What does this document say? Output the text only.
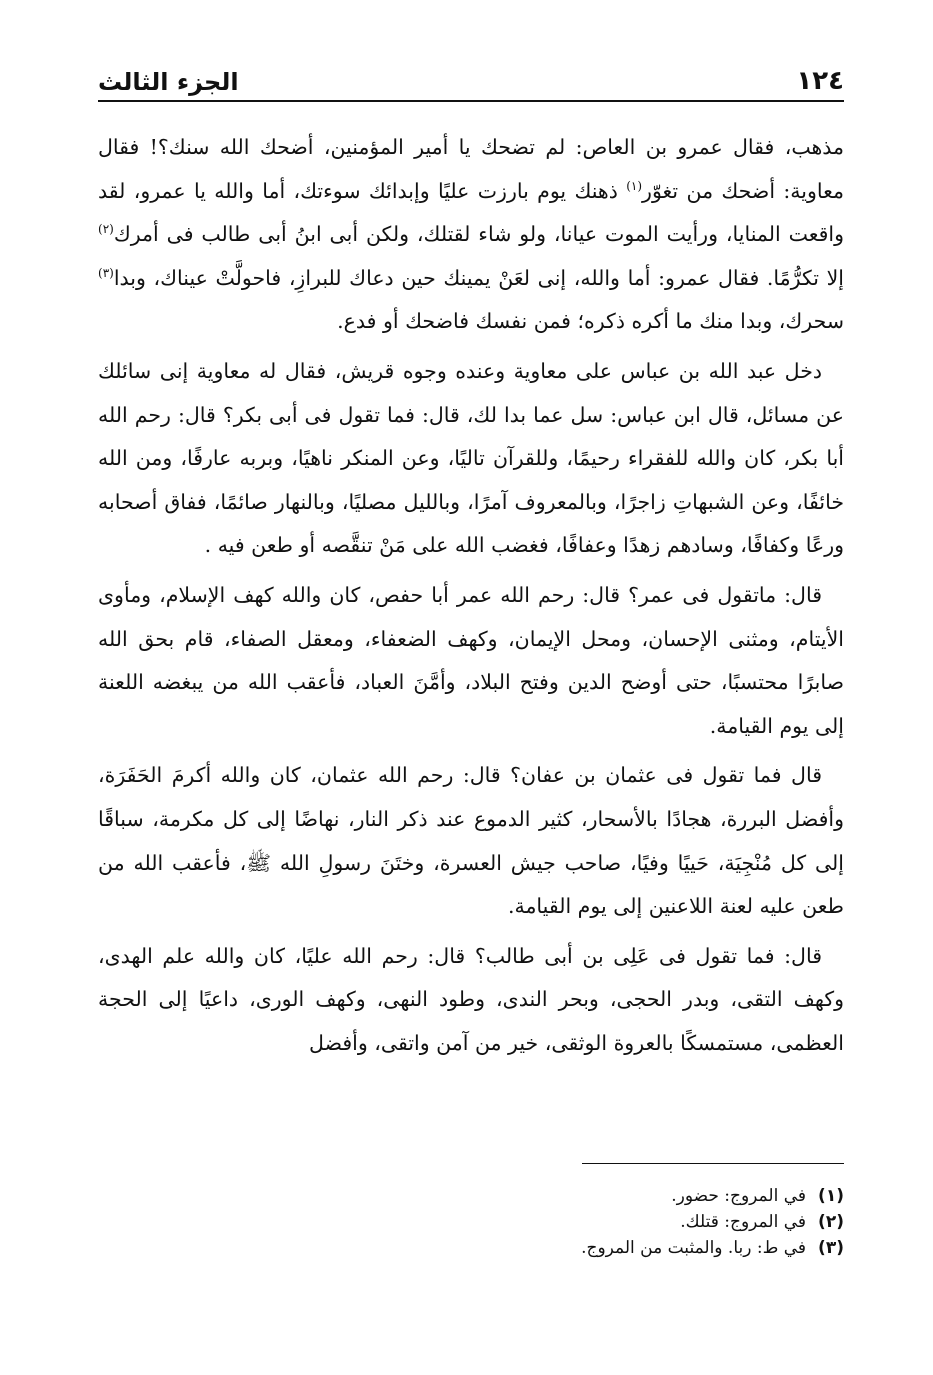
١٢٤
الجزء الثالث

مذهب، فقال عمرو بن العاص: لم تضحك يا أمير المؤمنين، أضحك الله سنك؟! فقال معاوية: أضحك من تغوّر$^{(١)}$ ذهنك يوم بارزت عليًا وإبدائك سوءتك، أما والله يا عمرو، لقد واقعت المنايا، ورأيت الموت عيانا، ولو شاء لقتلك، ولكن أبى ابنُ أبى طالب فى أمرك$^{(٢)}$ إلا تكرُّمًا. فقال عمرو: أما والله، إنى لعَنْ يمينك حين دعاك للبرازِ، فاحولَّتْ عيناك، وبدا$^{(٣)}$ سحرك، وبدا منك ما أكره ذكره؛ فمن نفسك فاضحك أو فدع.

دخل عبد الله بن عباس على معاوية وعنده وجوه قريش، فقال له معاوية إنى سائلك عن مسائل، قال ابن عباس: سل عما بدا لك، قال: فما تقول فى أبى بكر؟ قال: رحم الله أبا بكر، كان والله للفقراء رحيمًا، وللقرآن تاليًا، وعن المنكر ناهيًا، وبربه عارفًا، ومن الله خائفًا، وعن الشبهاتِ زاجرًا، وبالمعروف آمرًا، وبالليل مصليًا، وبالنهار صائمًا، ففاق أصحابه ورعًا وكفافًا، وسادهم زهدًا وعفافًا، فغضب الله على مَنْ تنقَّصه أو طعن فيه .

قال: ماتقول فى عمر؟ قال: رحم الله عمر أبا حفص، كان والله كهف الإسلام، ومأوى الأيتام، ومثنى الإحسان، ومحل الإيمان، وكهف الضعفاء، ومعقل الصفاء، قام بحق الله صابرًا محتسبًا، حتى أوضح الدين وفتح البلاد، وأمَّنَ العباد، فأعقب الله من يبغضه اللعنة إلى يوم القيامة.

قال فما تقول فى عثمان بن عفان؟ قال: رحم الله عثمان، كان والله أكرمَ الحَفَرَة، وأفضل البررة، هجادًا بالأسحار، كثير الدموع عند ذكر النار، نهاضًا إلى كل مكرمة، سباقًا إلى كل مُنْجِيَة، حَييًا وفيًا، صاحب جيش العسرة، وختَنَ رسولِ الله ﷺ، فأعقب الله من طعن عليه لعنة اللاعنين إلى يوم القيامة.

قال: فما تقول فى عَلِى بن أبى طالب؟ قال: رحم الله عليًا، كان والله علم الهدى، وكهف التقى، وبدر الحجى، وبحر الندى، وطود النهى، وكهف الورى، داعيًا إلى الحجة العظمى، مستمسكًا بالعروة الوثقى، خير من آمن واتقى، وأفضل

(١)
في المروج: حضور.
(٢)
في المروج: قتلك.
(٣)
في ط: ربا. والمثبت من المروج.
